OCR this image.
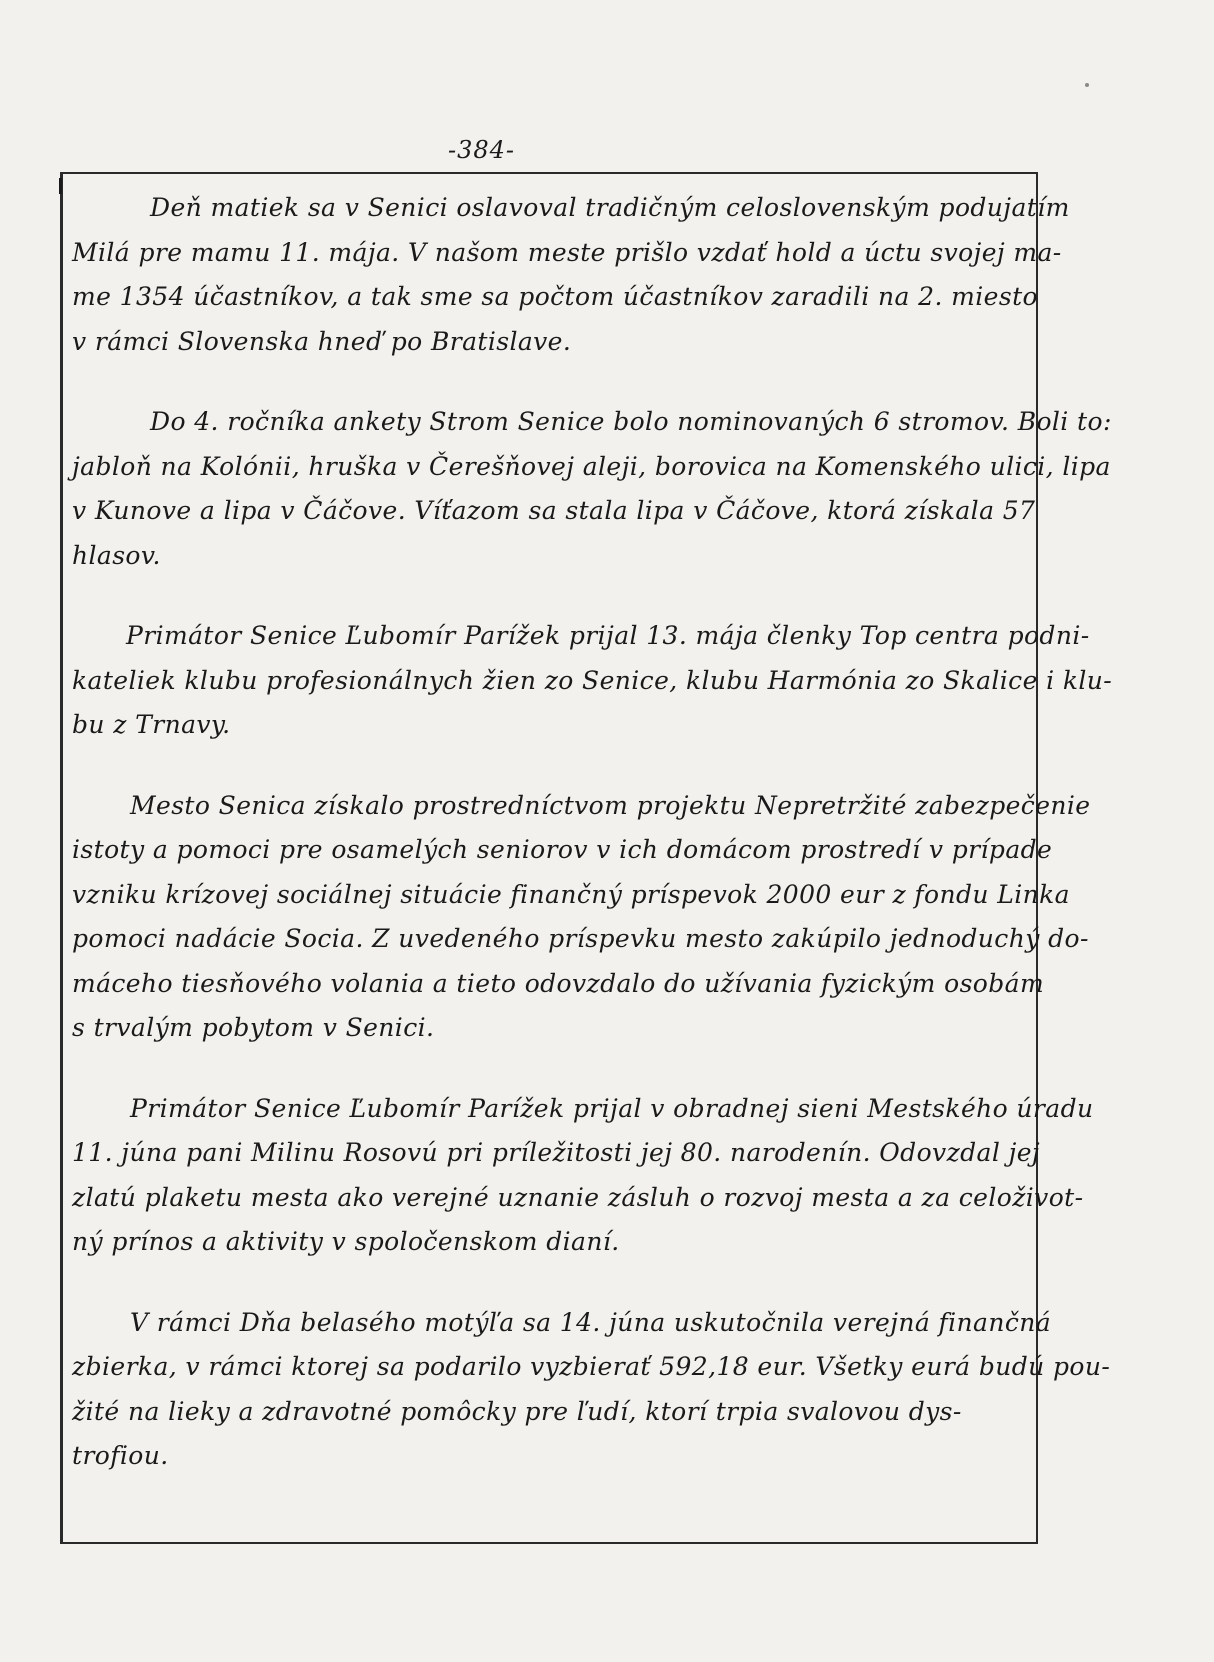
-384-
Deň matiek sa v Senici oslavoval tradičným celoslovenským podujatím
Milá pre mamu 11. mája. V našom meste prišlo vzdať hold a úctu svojej ma-
me 1354 účastníkov, a tak sme sa počtom účastníkov zaradili na 2. miesto
v rámci Slovenska hneď po Bratislave.
Do 4. ročníka ankety Strom Senice bolo nominovaných 6 stromov. Boli to:
jabloň na Kolónii, hruška v Čerešňovej aleji, borovica na Komenského ulici, lipa
v Kunove a lipa v Čáčove. Víťazom sa stala lipa v Čáčove, ktorá získala 57
hlasov.
Primátor Senice Ľubomír Parížek prijal 13. mája členky Top centra podni-
kateliek klubu profesionálnych žien zo Senice, klubu Harmónia zo Skalice i klu-
bu z Trnavy.
Mesto Senica získalo prostredníctvom projektu Nepretržité zabezpečenie
istoty a pomoci pre osamelých seniorov v ich domácom prostredí v prípade
vzniku krízovej sociálnej situácie finančný príspevok 2000 eur z fondu Linka
pomoci nadácie Socia. Z uvedeného príspevku mesto zakúpilo jednoduchý do-
máceho tiesňového volania a tieto odovzdalo do užívania fyzickým osobám
s trvalým pobytom v Senici.
Primátor Senice Ľubomír Parížek prijal v obradnej sieni Mestského úradu
11. júna pani Milinu Rosovú pri príležitosti jej 80. narodenín. Odovzdal jej
zlatú plaketu mesta ako verejné uznanie zásluh o rozvoj mesta a za celoživot-
ný prínos a aktivity v spoločenskom dianí.
V rámci Dňa belasého motýľa sa 14. júna uskutočnila verejná finančná
zbierka, v rámci ktorej sa podarilo vyzbierať 592,18 eur. Všetky eurá budú pou-
žité na lieky a zdravotné pomôcky pre ľudí, ktorí trpia svalovou dys-
trofiou.
